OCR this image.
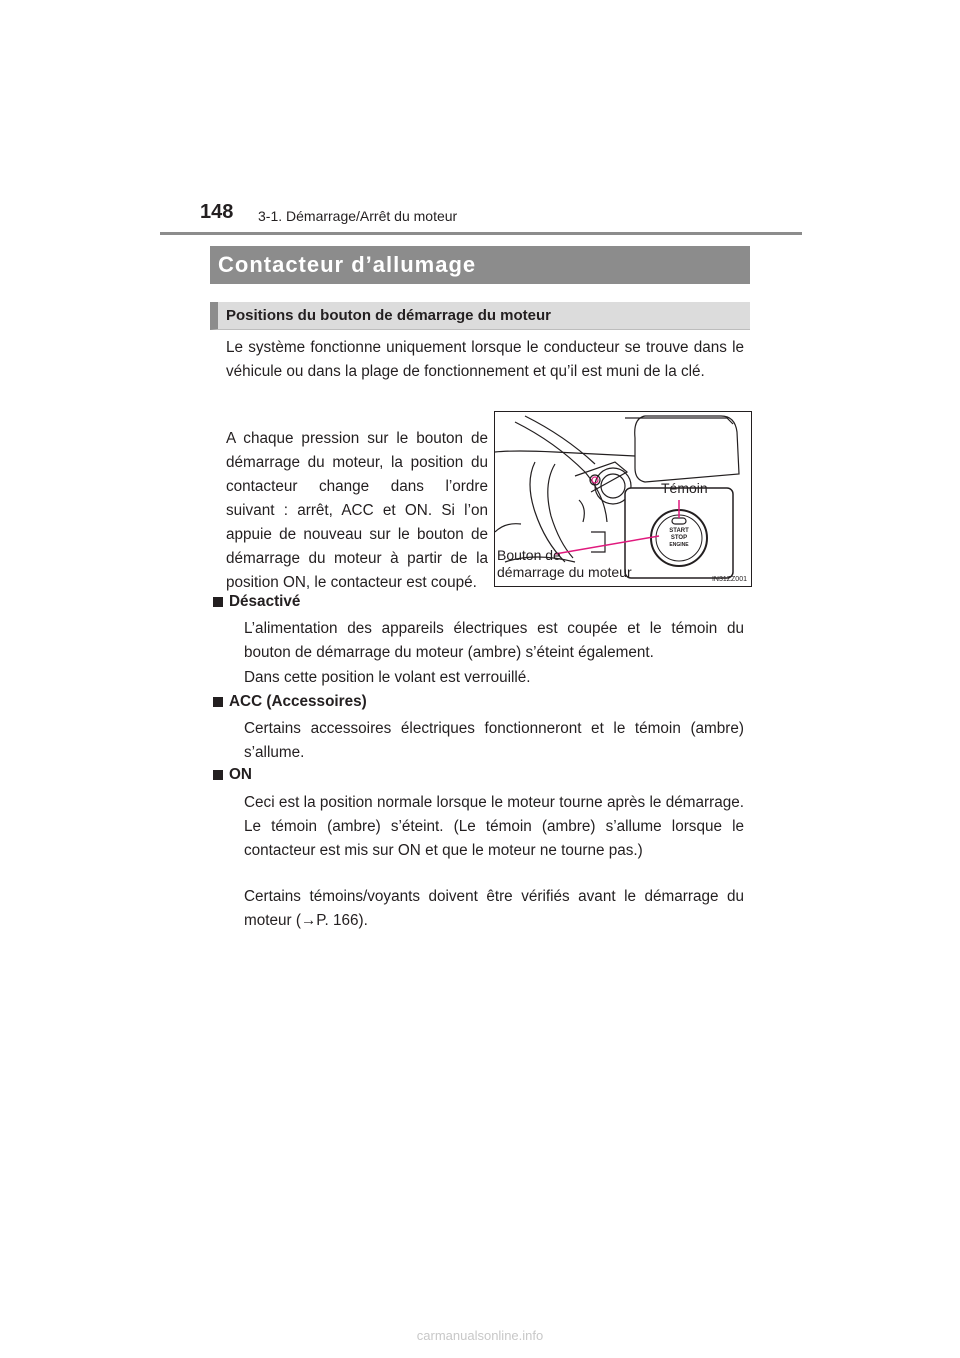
148 3-1. Démarrage/Arrêt du moteur
Contacteur d’allumage
Positions du bouton de démarrage du moteur
Le système fonctionne uniquement lorsque le conducteur se trouve dans le véhicule ou dans la plage de fonctionnement et qu’il est muni de la clé.
A chaque pression sur le bouton de démarrage du moteur, la position du contacteur change dans l’ordre suivant : arrêt, ACC et ON. Si l’on appuie de nouveau sur le bouton de démarrage du moteur à partir de la position ON, le contacteur est coupé.
START
STOP
ENGINE
Témoin
Bouton de
démarrage du moteur	IN31ZZ001
Désactivé
L’alimentation des appareils électriques est coupée et le témoin du bouton de démarrage du moteur (ambre) s’éteint également.
Dans cette position le volant est verrouillé.
ACC (Accessoires)
Certains accessoires électriques fonctionneront et le témoin (ambre) s’allume.
ON
Ceci est la position normale lorsque le moteur tourne après le démarrage. Le témoin (ambre) s’éteint. (Le témoin (ambre) s’allume lorsque le contacteur est mis sur ON et que le moteur ne tourne pas.)
Certains témoins/voyants doivent être vérifiés avant le démarrage du moteur (→P. 166).
carmanualsonline.info
